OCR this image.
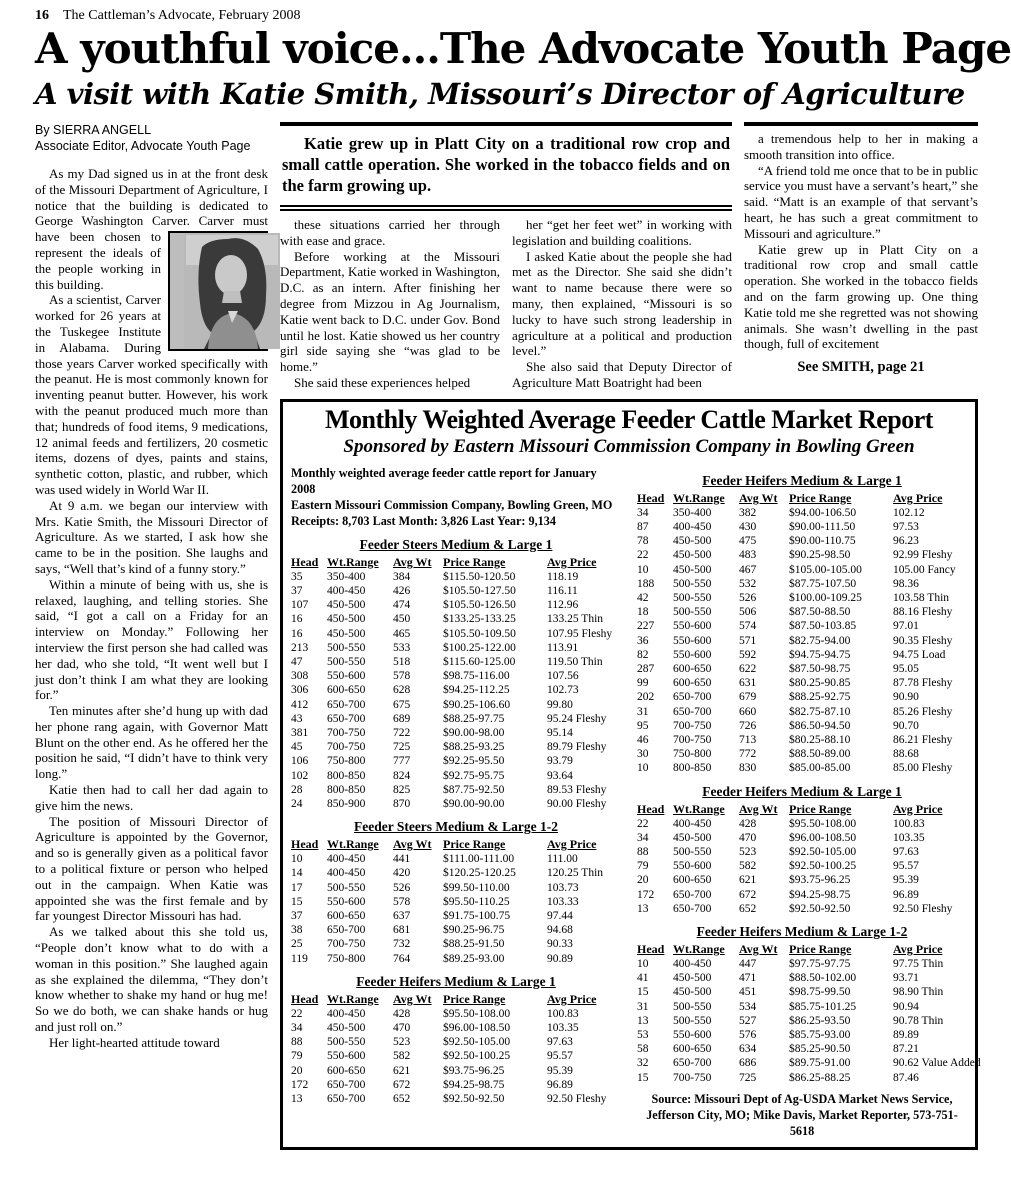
16 The Cattleman’s Advocate, February 2008
A youthful voice...The Advocate Youth Page
A visit with Katie Smith, Missouri’s Director of Agriculture
By SIERRA ANGELL
Associate Editor, Advocate Youth Page

As my Dad signed us in at the front desk of the Missouri Department of Agriculture, I notice that the building is dedicated to George Washington Carver. Carver must
have been chosen to represent the ideals of the people working in this building.

As a scientist, Carver worked for 26 years at the Tuskegee Institute in Alabama. During those years Carver worked specifically with the peanut. He is most commonly known for inventing peanut butter. However, his work with the peanut produced much more than that; hundreds of food items, 9 medications, 12 animal feeds and fertilizers, 20 cosmetic items, dozens of dyes, paints and stains, synthetic cotton, plastic, and rubber, which was used widely in World War II.

At 9 a.m. we began our interview with Mrs. Katie Smith, the Missouri Director of Agriculture. As we started, I ask how she came to be in the position. She laughs and says, “Well that’s kind of a funny story.”

Within a minute of being with us, she is relaxed, laughing, and telling stories. She said, “I got a call on a Friday for an interview on Monday.” Following her interview the first person she had called was her dad, who she told, “It went well but I just don’t think I am what they are looking for.”

Ten minutes after she’d hung up with dad her phone rang again, with Governor Matt Blunt on the other end. As he offered her the position he said, “I didn’t have to think very long.”

Katie then had to call her dad again to give him the news.

The position of Missouri Director of Agriculture is appointed by the Governor, and so is generally given as a political favor to a political fixture or person who helped out in the campaign. When Katie was appointed she was the first female and by far youngest Director Missouri has had.

As we talked about this she told us, “People don’t know what to do with a woman in this position.” She laughed again as she explained the dilemma, “They don’t know whether to shake my hand or hug me! So we do both, we can shake hands or hug and just roll on.”

Her light-hearted attitude toward

Katie grew up in Platt City on a traditional row crop and small cattle operation. She worked in the tobacco fields and on the farm growing up.

these situations carried her through with ease and grace.

Before working at the Missouri Department, Katie worked in Washington, D.C. as an intern. After finishing her degree from Mizzou in Ag Journalism, Katie went back to D.C. under Gov. Bond until he lost. Katie showed us her country girl side saying she “was glad to be home.”

She said these experiences helped

her “get her feet wet” in working with legislation and building coalitions.

I asked Katie about the people she had met as the Director. She said she didn’t want to name because there were so many, then explained, “Missouri is so lucky to have such strong leadership in agriculture at a political and production level.”

She also said that Deputy Director of Agriculture Matt Boatright had been

a tremendous help to her in making a smooth transition into office.

“A friend told me once that to be in public service you must have a servant’s heart,” she said. “Matt is an example of that servant’s heart, he has such a great commitment to Missouri and agriculture.”

Katie grew up in Platt City on a traditional row crop and small cattle operation. She worked in the tobacco fields and on the farm growing up. One thing Katie told me she regretted was not showing animals. She wasn’t dwelling in the past though, full of excitement

See SMITH, page 21
Monthly Weighted Average Feeder Cattle Market Report
Sponsored by Eastern Missouri Commission Company in Bowling Green
Monthly weighted average feeder cattle report for January 2008
Eastern Missouri Commission Company, Bowling Green, MO
Receipts: 8,703 Last Month: 3,826 Last Year: 9,134
Feeder Steers Medium & Large 1
Head	Wt.Range	Avg Wt	Price Range	Avg Price
35	350-400	384	$115.50-120.50	118.19
37	400-450	426	$105.50-127.50	116.11
107	450-500	474	$105.50-126.50	112.96
16	450-500	450	$133.25-133.25	133.25 Thin
16	450-500	465	$105.50-109.50	107.95 Fleshy
213	500-550	533	$100.25-122.00	113.91
47	500-550	518	$115.60-125.00	119.50 Thin
308	550-600	578	$98.75-116.00	107.56
306	600-650	628	$94.25-112.25	102.73
412	650-700	675	$90.25-106.60	99.80
43	650-700	689	$88.25-97.75	95.24 Fleshy
381	700-750	722	$90.00-98.00	95.14
45	700-750	725	$88.25-93.25	89.79 Fleshy
106	750-800	777	$92.25-95.50	93.79
102	800-850	824	$92.75-95.75	93.64
28	800-850	825	$87.75-92.50	89.53 Fleshy
24	850-900	870	$90.00-90.00	90.00 Fleshy
Feeder Steers Medium & Large 1-2
Head	Wt.Range	Avg Wt	Price Range	Avg Price
10	400-450	441	$111.00-111.00	111.00
14	400-450	420	$120.25-120.25	120.25 Thin
17	500-550	526	$99.50-110.00	103.73
15	550-600	578	$95.50-110.25	103.33
37	600-650	637	$91.75-100.75	97.44
38	650-700	681	$90.25-96.75	94.68
25	700-750	732	$88.25-91.50	90.33
119	750-800	764	$89.25-93.00	90.89
Feeder Heifers Medium & Large 1
Head	Wt.Range	Avg Wt	Price Range	Avg Price
22	400-450	428	$95.50-108.00	100.83
34	450-500	470	$96.00-108.50	103.35
88	500-550	523	$92.50-105.00	97.63
79	550-600	582	$92.50-100.25	95.57
20	600-650	621	$93.75-96.25	95.39
172	650-700	672	$94.25-98.75	96.89
13	650-700	652	$92.50-92.50	92.50 Fleshy
Feeder Heifers Medium & Large 1
Head	Wt.Range	Avg Wt	Price Range	Avg Price
34	350-400	382	$94.00-106.50	102.12
87	400-450	430	$90.00-111.50	97.53
78	450-500	475	$90.00-110.75	96.23
22	450-500	483	$90.25-98.50	92.99 Fleshy
10	450-500	467	$105.00-105.00	105.00 Fancy
188	500-550	532	$87.75-107.50	98.36
42	500-550	526	$100.00-109.25	103.58 Thin
18	500-550	506	$87.50-88.50	88.16 Fleshy
227	550-600	574	$87.50-103.85	97.01
36	550-600	571	$82.75-94.00	90.35 Fleshy
82	550-600	592	$94.75-94.75	94.75 Load
287	600-650	622	$87.50-98.75	95.05
99	600-650	631	$80.25-90.85	87.78 Fleshy
202	650-700	679	$88.25-92.75	90.90
31	650-700	660	$82.75-87.10	85.26 Fleshy
95	700-750	726	$86.50-94.50	90.70
46	700-750	713	$80.25-88.10	86.21 Fleshy
30	750-800	772	$88.50-89.00	88.68
10	800-850	830	$85.00-85.00	85.00 Fleshy
Feeder Heifers Medium & Large 1
Head	Wt.Range	Avg Wt	Price Range	Avg Price
22	400-450	428	$95.50-108.00	100.83
34	450-500	470	$96.00-108.50	103.35
88	500-550	523	$92.50-105.00	97.63
79	550-600	582	$92.50-100.25	95.57
20	600-650	621	$93.75-96.25	95.39
172	650-700	672	$94.25-98.75	96.89
13	650-700	652	$92.50-92.50	92.50 Fleshy
Feeder Heifers Medium & Large 1-2
Head	Wt.Range	Avg Wt	Price Range	Avg Price
10	400-450	447	$97.75-97.75	97.75 Thin
41	450-500	471	$88.50-102.00	93.71
15	450-500	451	$98.75-99.50	98.90 Thin
31	500-550	534	$85.75-101.25	90.94
13	500-550	527	$86.25-93.50	90.78 Thin
53	550-600	576	$85.75-93.00	89.89
58	600-650	634	$85.25-90.50	87.21
32	650-700	686	$89.75-91.00	90.62 Value Added
15	700-750	725	$86.25-88.25	87.46
Source: Missouri Dept of Ag-USDA Market News Service,
Jefferson City, MO; Mike Davis, Market Reporter, 573-751-5618
